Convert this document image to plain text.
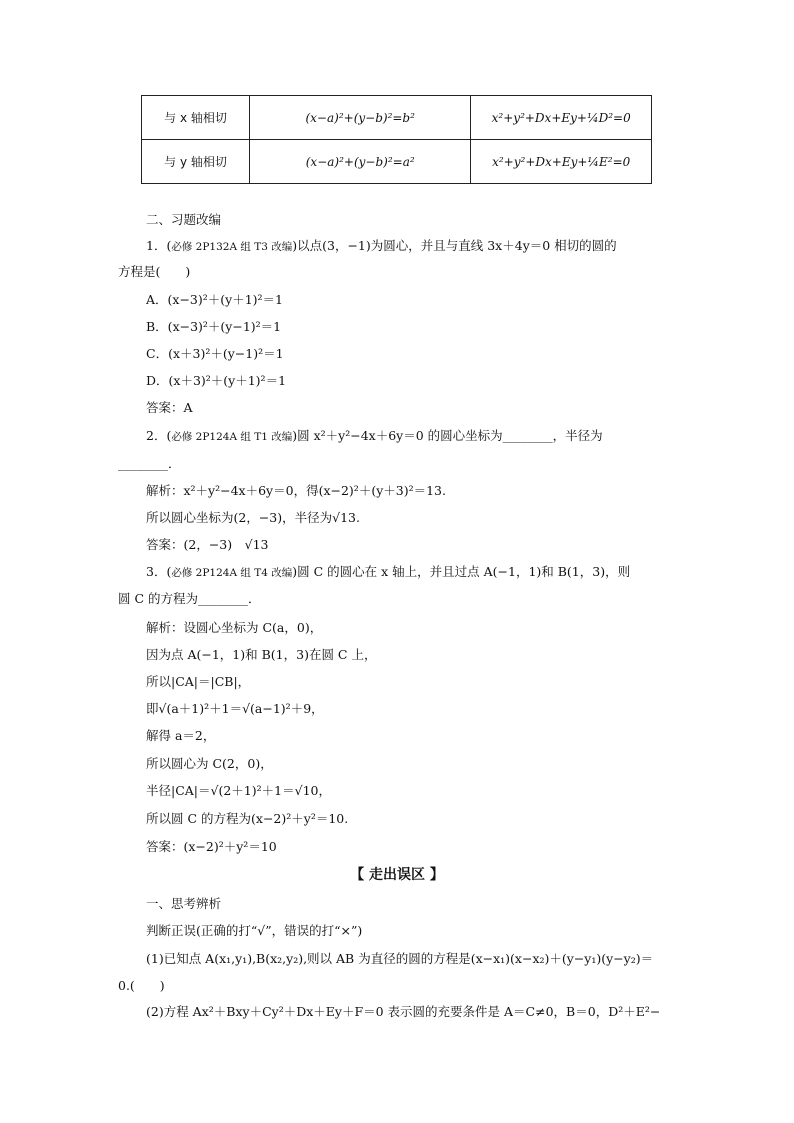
与 x 轴相切	(x−a)²+(y−b)²=b²	x²+y²+Dx+Ey+¼D²=0
与 y 轴相切	(x−a)²+(y−b)²=a²	x²+y²+Dx+Ey+¼E²=0
二、习题改编
1．(必修 2P132A 组 T3 改编)以点(3，−1)为圆心，并且与直线 3x＋4y＝0 相切的圆的
方程是(　　)
A．(x−3)²＋(y＋1)²＝1
B．(x−3)²＋(y−1)²＝1
C．(x＋3)²＋(y−1)²＝1
D．(x＋3)²＋(y＋1)²＝1
答案：A
2．(必修 2P124A 组 T1 改编)圆 x²＋y²−4x＋6y＝0 的圆心坐标为________，半径为
________．
解析：x²＋y²−4x＋6y＝0，得(x−2)²＋(y＋3)²＝13.
所以圆心坐标为(2，−3)，半径为√13.
答案：(2，−3)　√13
3．(必修 2P124A 组 T4 改编)圆 C 的圆心在 x 轴上，并且过点 A(−1，1)和 B(1，3)，则
圆 C 的方程为________．
解析：设圆心坐标为 C(a，0)，
因为点 A(−1，1)和 B(1，3)在圆 C 上，
所以|CA|＝|CB|，
即√(a＋1)²＋1＝√(a−1)²＋9，
解得 a＝2，
所以圆心为 C(2，0)，
半径|CA|＝√(2＋1)²＋1＝√10，
所以圆 C 的方程为(x−2)²＋y²＝10.
答案：(x−2)²＋y²＝10
【 走出误区 】
一、思考辨析
判断正误(正确的打“√”，错误的打“×”)
(1)已知点 A(x₁,y₁),B(x₂,y₂),则以 AB 为直径的圆的方程是(x−x₁)(x−x₂)＋(y−y₁)(y−y₂)＝
0.(　　)
(2)方程 Ax²＋Bxy＋Cy²＋Dx＋Ey＋F＝0 表示圆的充要条件是 A＝C≠0，B＝0，D²＋E²−
